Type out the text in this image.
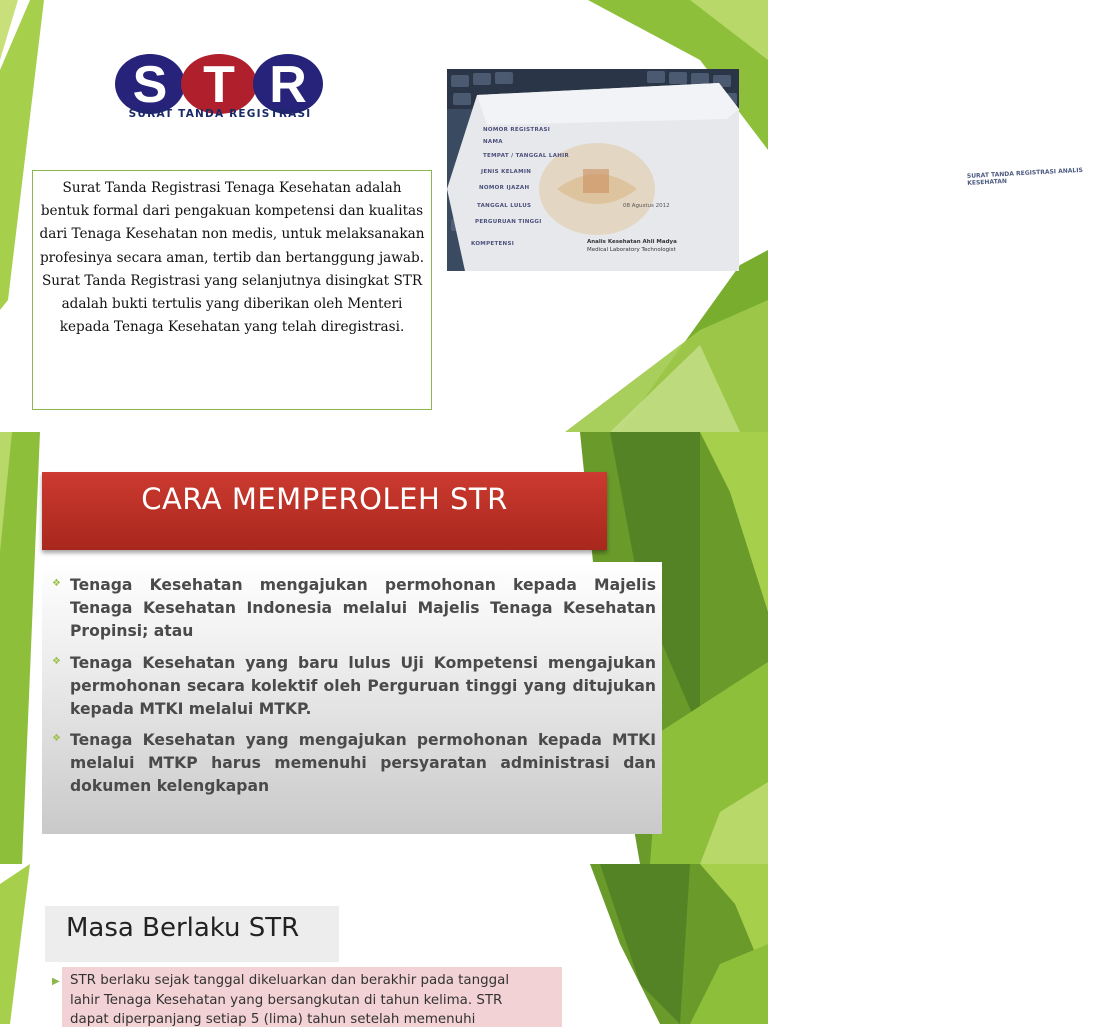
S T R
SURAT TANDA REGISTRASI

Surat Tanda Registrasi Tenaga Kesehatan adalah bentuk formal dari pengakuan kompetensi dan kualitas dari Tenaga Kesehatan non medis, untuk melaksanakan profesinya secara aman, tertib dan bertanggung jawab. Surat Tanda Registrasi yang selanjutnya disingkat STR adalah bukti tertulis yang diberikan oleh Menteri kepada Tenaga Kesehatan yang telah diregistrasi.

SURAT TANDA REGISTRASI ANALIS KESEHATAN
NOMOR REGISTRASI
NAMA
TEMPAT / TANGGAL LAHIR
JENIS KELAMIN
NOMOR IJAZAH
TANGGAL LULUS	08 Agustus 2012
PERGURUAN TINGGI
KOMPETENSI	Analis Kesehatan Ahli Madya
Medical Laboratory Technologist
CARA MEMPEROLEH STR
❖ Tenaga Kesehatan mengajukan permohonan kepada Majelis Tenaga Kesehatan Indonesia melalui Majelis Tenaga Kesehatan Propinsi; atau

❖ Tenaga Kesehatan yang baru lulus Uji Kompetensi mengajukan permohonan secara kolektif oleh Perguruan tinggi yang ditujukan kepada MTKI melalui MTKP.

❖ Tenaga Kesehatan yang mengajukan permohonan kepada MTKI melalui MTKP harus memenuhi persyaratan administrasi dan dokumen kelengkapan

Masa Berlaku STR
▶ STR berlaku sejak tanggal dikeluarkan dan berakhir pada tanggal lahir Tenaga Kesehatan yang bersangkutan di tahun kelima. STR dapat diperpanjang setiap 5 (lima) tahun setelah memenuhi
